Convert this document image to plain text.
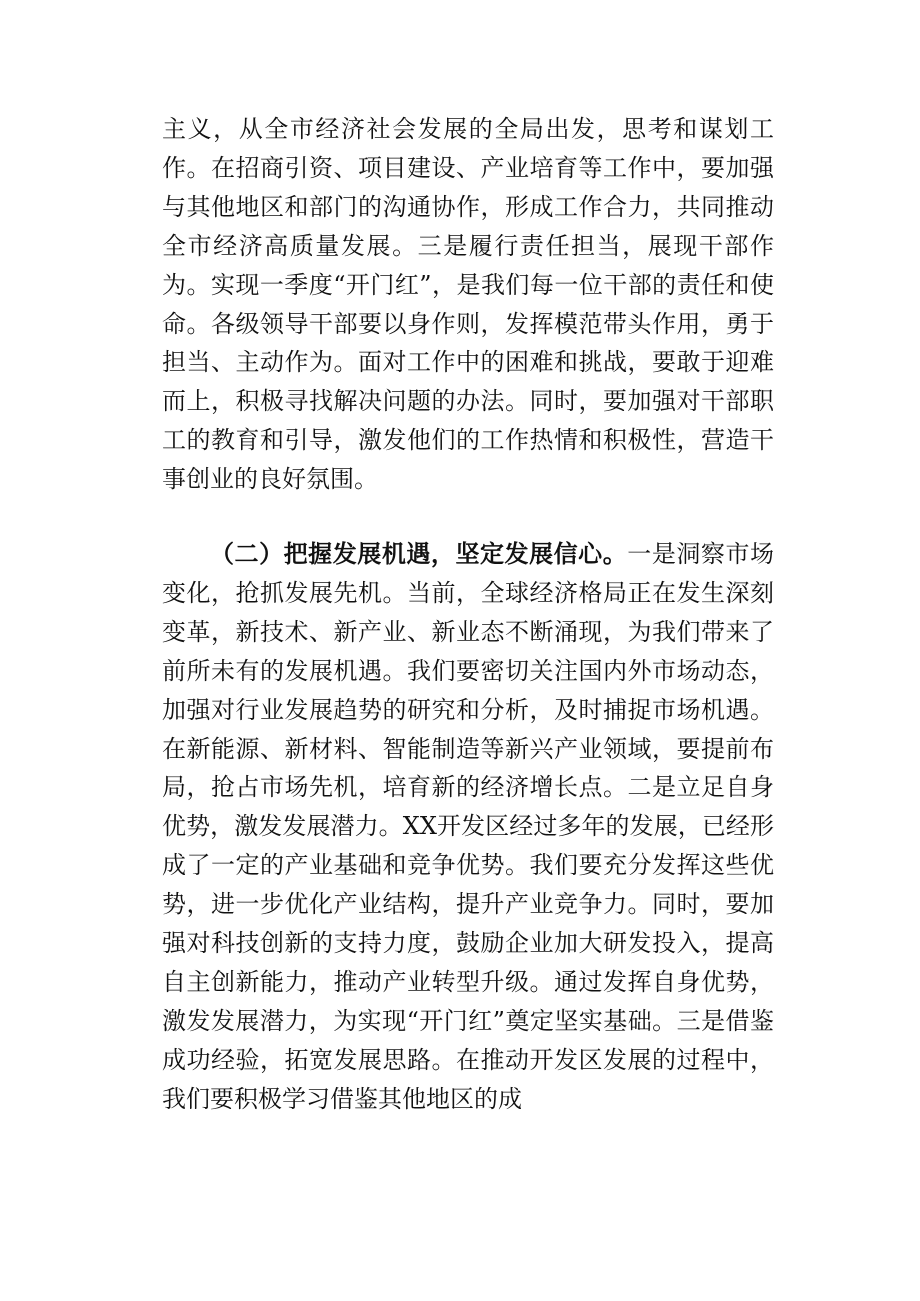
主义，从全市经济社会发展的全局出发，思考和谋划工作。在招商引资、项目建设、产业培育等工作中，要加强与其他地区和部门的沟通协作，形成工作合力，共同推动全市经济高质量发展。三是履行责任担当，展现干部作为。实现一季度“开门红”，是我们每一位干部的责任和使命。各级领导干部要以身作则，发挥模范带头作用，勇于担当、主动作为。面对工作中的困难和挑战，要敢于迎难而上，积极寻找解决问题的办法。同时，要加强对干部职工的教育和引导，激发他们的工作热情和积极性，营造干事创业的良好氛围。

（二）把握发展机遇，坚定发展信心。一是洞察市场变化，抢抓发展先机。当前，全球经济格局正在发生深刻变革，新技术、新产业、新业态不断涌现，为我们带来了前所未有的发展机遇。我们要密切关注国内外市场动态，加强对行业发展趋势的研究和分析，及时捕捉市场机遇。在新能源、新材料、智能制造等新兴产业领域，要提前布局，抢占市场先机，培育新的经济增长点。二是立足自身优势，激发发展潜力。XX开发区经过多年的发展，已经形成了一定的产业基础和竞争优势。我们要充分发挥这些优势，进一步优化产业结构，提升产业竞争力。同时，要加强对科技创新的支持力度，鼓励企业加大研发投入，提高自主创新能力，推动产业转型升级。通过发挥自身优势，激发发展潜力，为实现“开门红”奠定坚实基础。三是借鉴成功经验，拓宽发展思路。在推动开发区发展的过程中，我们要积极学习借鉴其他地区的成
